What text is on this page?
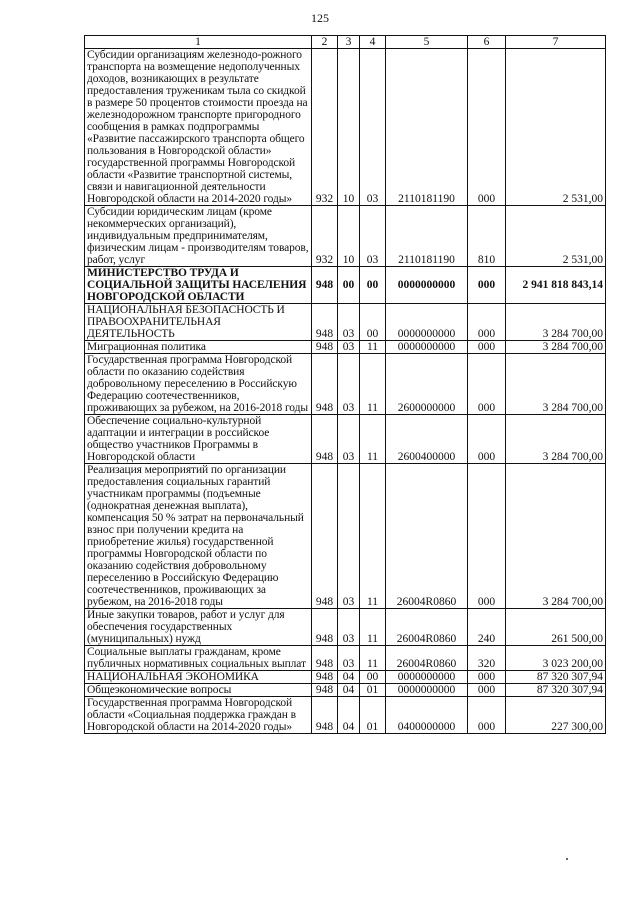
125
1	2	3	4	5	6	7
Субсидии организациям железнодо-рожного транспорта на возмещение недополученных доходов, возникающих в результате предоставления труженикам тыла со скидкой в размере 50 процентов стоимости проезда на железнодорожном транспорте пригородного сообщения в рамках подпрограммы «Развитие пассажирского транспорта общего пользования в Новгородской области» государственной программы Новгородской области «Развитие транспортной системы, связи и навигационной деятельности Новгородской области на 2014-2020 годы»	932	10	03	2110181190	000	2 531,00
Субсидии юридическим лицам (кроме некоммерческих организаций), индивидуальным предпринимателям, физическим лицам - производителям товаров, работ, услуг	932	10	03	2110181190	810	2 531,00
МИНИСТЕРСТВО ТРУДА И СОЦИАЛЬНОЙ ЗАЩИТЫ НАСЕЛЕНИЯ НОВГОРОДСКОЙ ОБЛАСТИ	948	00	00	0000000000	000	2 941 818 843,14
НАЦИОНАЛЬНАЯ БЕЗОПАСНОСТЬ И ПРАВООХРАНИТЕЛЬНАЯ ДЕЯТЕЛЬНОСТЬ	948	03	00	0000000000	000	3 284 700,00
Миграционная политика	948	03	11	0000000000	000	3 284 700,00
Государственная программа Новгородской области по оказанию содействия добровольному переселению в Российскую Федерацию соотечественников, проживающих за рубежом, на 2016-2018 годы	948	03	11	2600000000	000	3 284 700,00
Обеспечение социально-культурной адаптации и интеграции в российское общество участников Программы в Новгородской области	948	03	11	2600400000	000	3 284 700,00
Реализация мероприятий по организации предоставления социальных гарантий участникам программы (подъемные (однократная денежная выплата), компенсация 50 % затрат на первоначальный взнос при получении кредита на приобретение жилья) государственной программы Новгородской области по оказанию содействия добровольному переселению в Российскую Федерацию соотечественников, проживающих за рубежом, на 2016-2018 годы	948	03	11	26004R0860	000	3 284 700,00
Иные закупки товаров, работ и услуг для обеспечения государственных (муниципальных) нужд	948	03	11	26004R0860	240	261 500,00
Социальные выплаты гражданам, кроме публичных нормативных социальных выплат	948	03	11	26004R0860	320	3 023 200,00
НАЦИОНАЛЬНАЯ ЭКОНОМИКА	948	04	00	0000000000	000	87 320 307,94
Общеэкономические вопросы	948	04	01	0000000000	000	87 320 307,94
Государственная программа Новгородской области «Социальная поддержка граждан в Новгородской области на 2014-2020 годы»	948	04	01	0400000000	000	227 300,00
